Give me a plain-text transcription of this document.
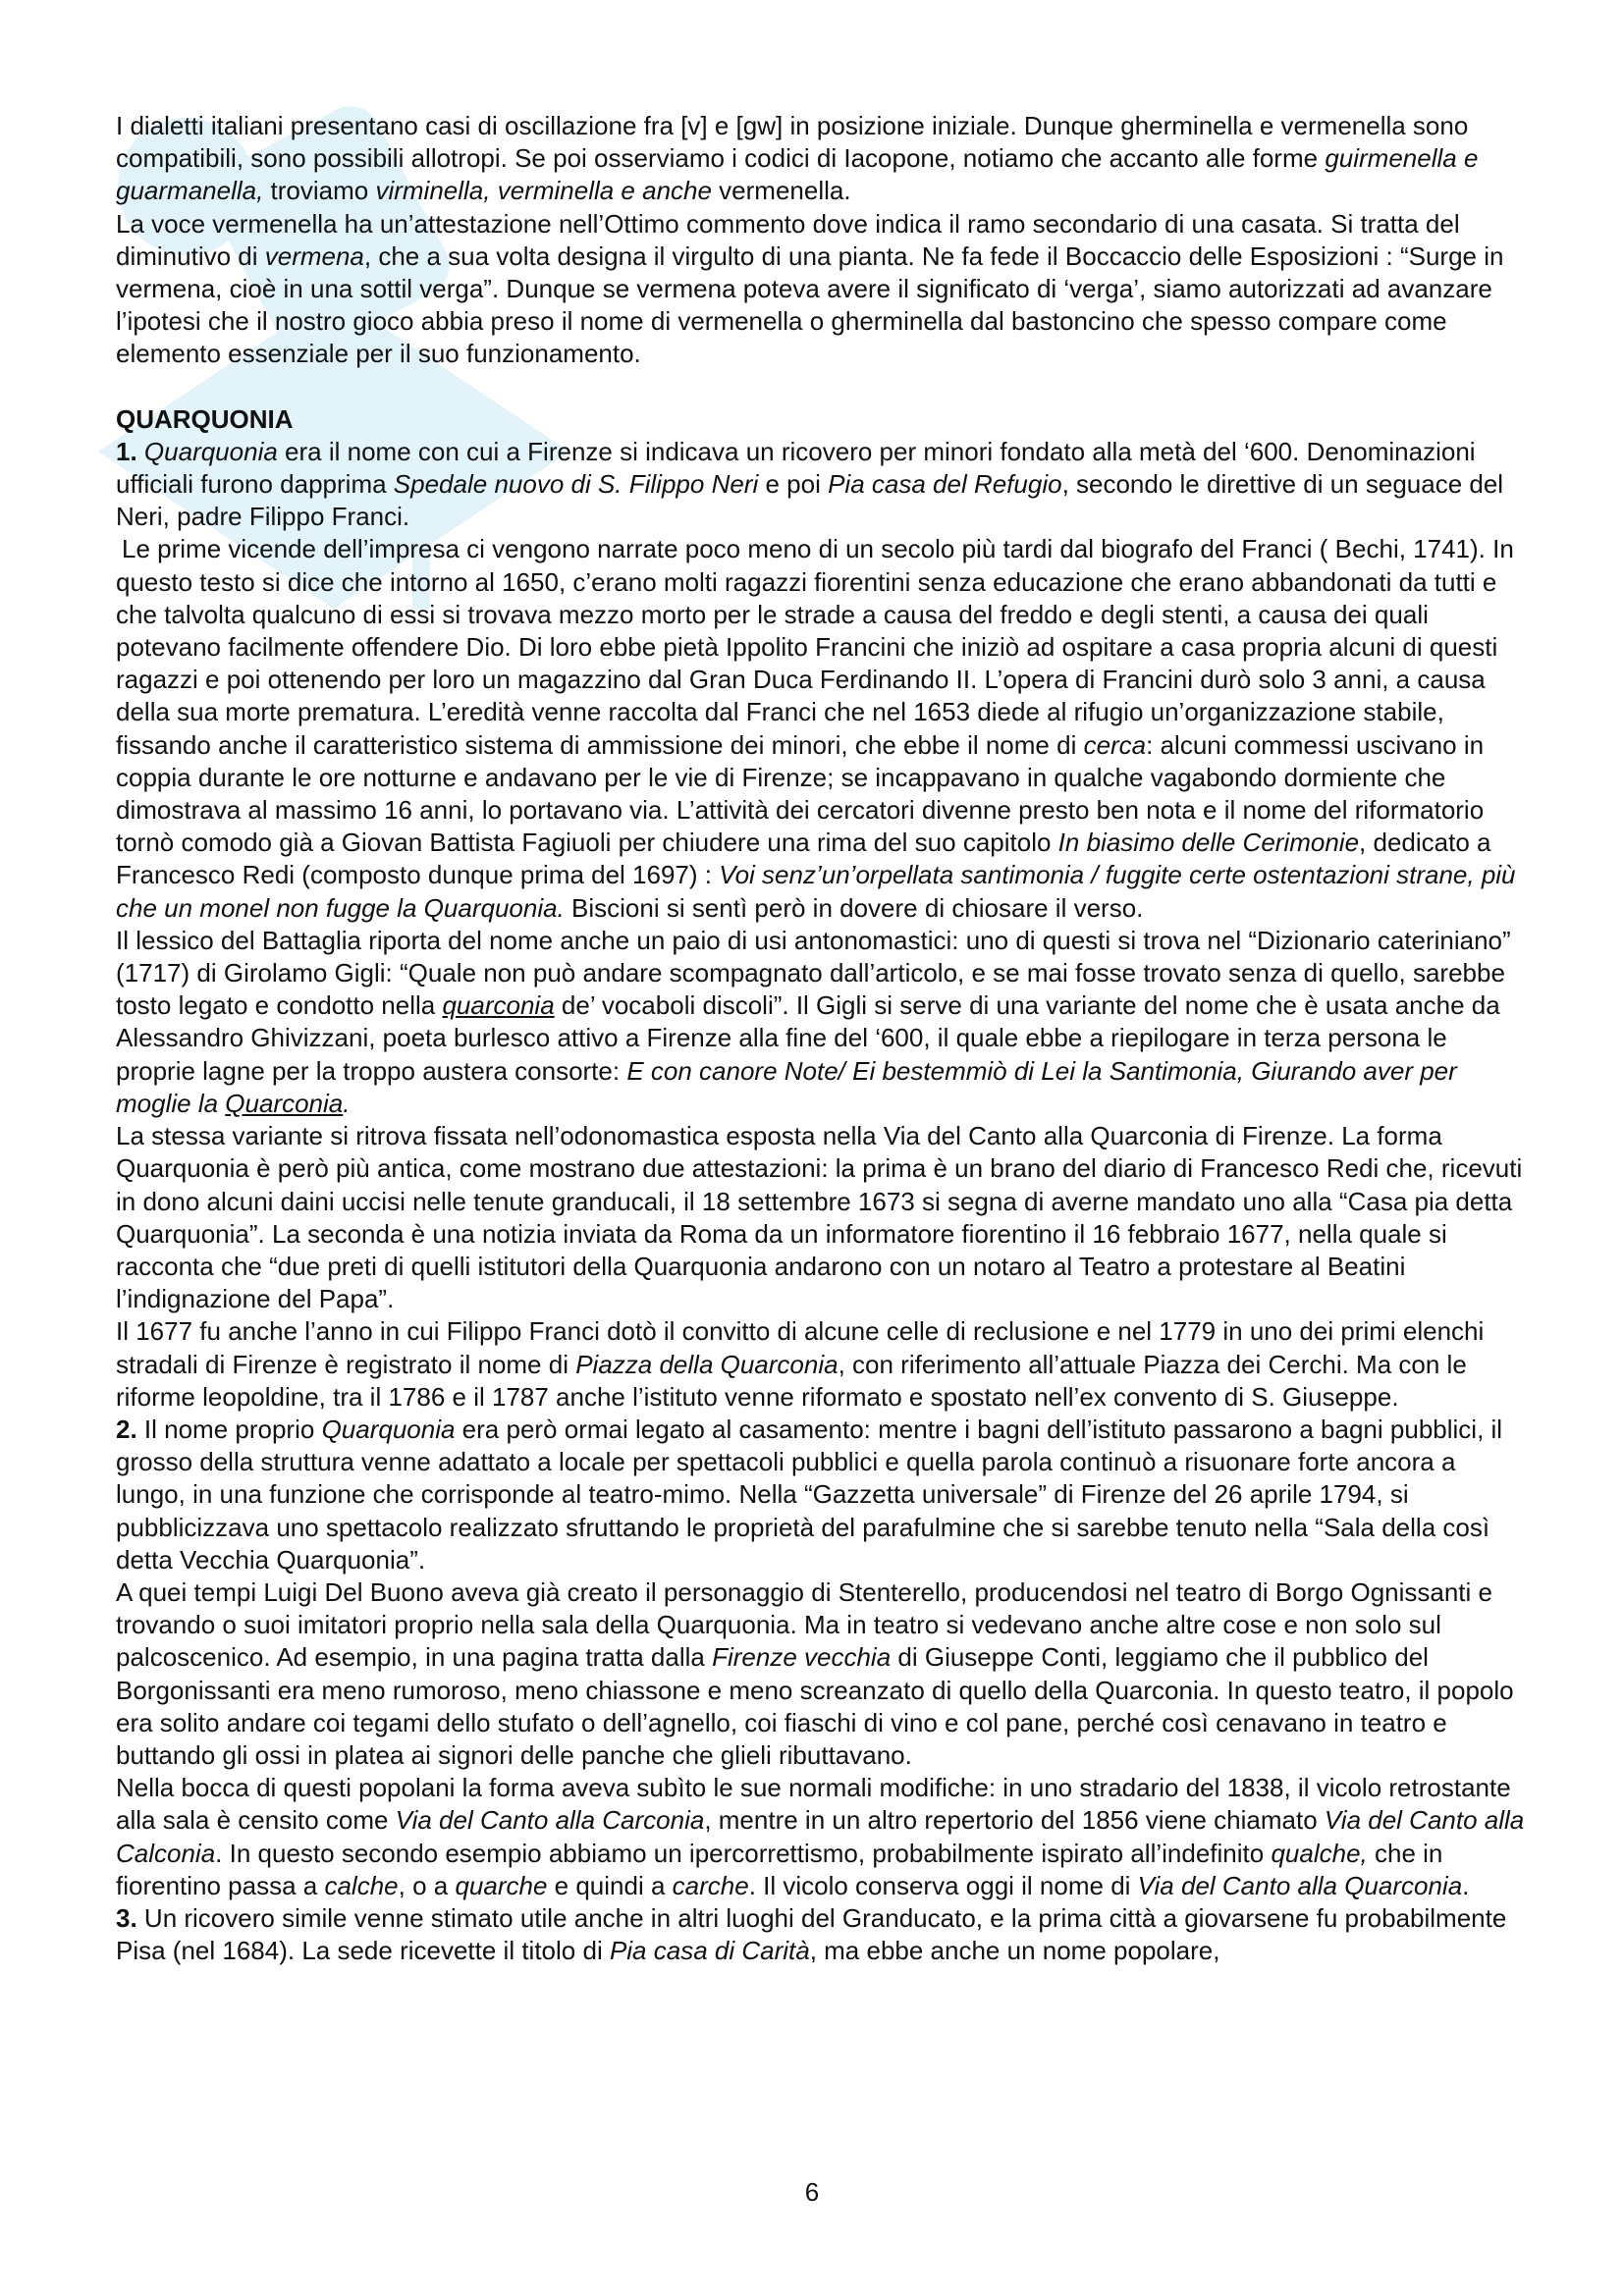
I dialetti italiani presentano casi di oscillazione fra [v] e [gw] in posizione iniziale. Dunque gherminella e vermenella sono compatibili, sono possibili allotropi. Se poi osserviamo i codici di Iacopone, notiamo che accanto alle forme guirmenella e guarmanella, troviamo virminella, verminella e anche vermenella.

La voce vermenella ha un’attestazione nell’Ottimo commento dove indica il ramo secondario di una casata. Si tratta del diminutivo di vermena, che a sua volta designa il virgulto di una pianta. Ne fa fede il Boccaccio delle Esposizioni : “Surge in vermena, cioè in una sottil verga”. Dunque se vermena poteva avere il significato di ‘verga’, siamo autorizzati ad avanzare l’ipotesi che il nostro gioco abbia preso il nome di vermenella o gherminella dal bastoncino che spesso compare come elemento essenziale per il suo funzionamento.

QUARQUONIA

1. Quarquonia era il nome con cui a Firenze si indicava un ricovero per minori fondato alla metà del ‘600. Denominazioni ufficiali furono dapprima Spedale nuovo di S. Filippo Neri e poi Pia casa del Refugio, secondo le direttive di un seguace del Neri, padre Filippo Franci.

Le prime vicende dell’impresa ci vengono narrate poco meno di un secolo più tardi dal biografo del Franci ( Bechi, 1741). In questo testo si dice che intorno al 1650, c’erano molti ragazzi fiorentini senza educazione che erano abbandonati da tutti e che talvolta qualcuno di essi si trovava mezzo morto per le strade a causa del freddo e degli stenti, a causa dei quali potevano facilmente offendere Dio. Di loro ebbe pietà Ippolito Francini che iniziò ad ospitare a casa propria alcuni di questi ragazzi e poi ottenendo per loro un magazzino dal Gran Duca Ferdinando II. L’opera di Francini durò solo 3 anni, a causa della sua morte prematura. L’eredità venne raccolta dal Franci che nel 1653 diede al rifugio un’organizzazione stabile, fissando anche il caratteristico sistema di ammissione dei minori, che ebbe il nome di cerca: alcuni commessi uscivano in coppia durante le ore notturne e andavano per le vie di Firenze; se incappavano in qualche vagabondo dormiente che dimostrava al massimo 16 anni, lo portavano via. L’attività dei cercatori divenne presto ben nota e il nome del riformatorio tornò comodo già a Giovan Battista Fagiuoli per chiudere una rima del suo capitolo In biasimo delle Cerimonie, dedicato a Francesco Redi (composto dunque prima del 1697) : Voi senz’un’orpellata santimonia / fuggite certe ostentazioni strane, più che un monel non fugge la Quarquonia. Biscioni si sentì però in dovere di chiosare il verso.

Il lessico del Battaglia riporta del nome anche un paio di usi antonomastici: uno di questi si trova nel “Dizionario cateriniano” (1717) di Girolamo Gigli: “Quale non può andare scompagnato dall’articolo, e se mai fosse trovato senza di quello, sarebbe tosto legato e condotto nella quarconia de’ vocaboli discoli”. Il Gigli si serve di una variante del nome che è usata anche da Alessandro Ghivizzani, poeta burlesco attivo a Firenze alla fine del ‘600, il quale ebbe a riepilogare in terza persona le proprie lagne per la troppo austera consorte: E con canore Note/ Ei bestemmiò di Lei la Santimonia, Giurando aver per moglie la Quarconia.

La stessa variante si ritrova fissata nell’odonomastica esposta nella Via del Canto alla Quarconia di Firenze. La forma Quarquonia è però più antica, come mostrano due attestazioni: la prima è un brano del diario di Francesco Redi che, ricevuti in dono alcuni daini uccisi nelle tenute granducali, il 18 settembre 1673 si segna di averne mandato uno alla “Casa pia detta Quarquonia”. La seconda è una notizia inviata da Roma da un informatore fiorentino il 16 febbraio 1677, nella quale si racconta che “due preti di quelli istitutori della Quarquonia andarono con un notaro al Teatro a protestare al Beatini l’indignazione del Papa”.

Il 1677 fu anche l’anno in cui Filippo Franci dotò il convitto di alcune celle di reclusione e nel 1779 in uno dei primi elenchi stradali di Firenze è registrato il nome di Piazza della Quarconia, con riferimento all’attuale Piazza dei Cerchi. Ma con le riforme leopoldine, tra il 1786 e il 1787 anche l’istituto venne riformato e spostato nell’ex convento di S. Giuseppe.

2. Il nome proprio Quarquonia era però ormai legato al casamento: mentre i bagni dell’istituto passarono a bagni pubblici, il grosso della struttura venne adattato a locale per spettacoli pubblici e quella parola continuò a risuonare forte ancora a lungo, in una funzione che corrisponde al teatro-mimo. Nella “Gazzetta universale” di Firenze del 26 aprile 1794, si pubblicizzava uno spettacolo realizzato sfruttando le proprietà del parafulmine che si sarebbe tenuto nella “Sala della così detta Vecchia Quarquonia”.

A quei tempi Luigi Del Buono aveva già creato il personaggio di Stenterello, producendosi nel teatro di Borgo Ognissanti e trovando o suoi imitatori proprio nella sala della Quarquonia. Ma in teatro si vedevano anche altre cose e non solo sul palcoscenico. Ad esempio, in una pagina tratta dalla Firenze vecchia di Giuseppe Conti, leggiamo che il pubblico del Borgonissanti era meno rumoroso, meno chiassone e meno screanzato di quello della Quarconia. In questo teatro, il popolo era solito andare coi tegami dello stufato o dell’agnello, coi fiaschi di vino e col pane, perché così cenavano in teatro e buttando gli ossi in platea ai signori delle panche che glieli ributtavano.

Nella bocca di questi popolani la forma aveva subìto le sue normali modifiche: in uno stradario del 1838, il vicolo retrostante alla sala è censito come Via del Canto alla Carconia, mentre in un altro repertorio del 1856 viene chiamato Via del Canto alla Calconia. In questo secondo esempio abbiamo un ipercorrettismo, probabilmente ispirato all’indefinito qualche, che in fiorentino passa a calche, o a quarche e quindi a carche. Il vicolo conserva oggi il nome di Via del Canto alla Quarconia.

3. Un ricovero simile venne stimato utile anche in altri luoghi del Granducato, e la prima città a giovarsene fu probabilmente Pisa (nel 1684). La sede ricevette il titolo di Pia casa di Carità, ma ebbe anche un nome popolare,

6
